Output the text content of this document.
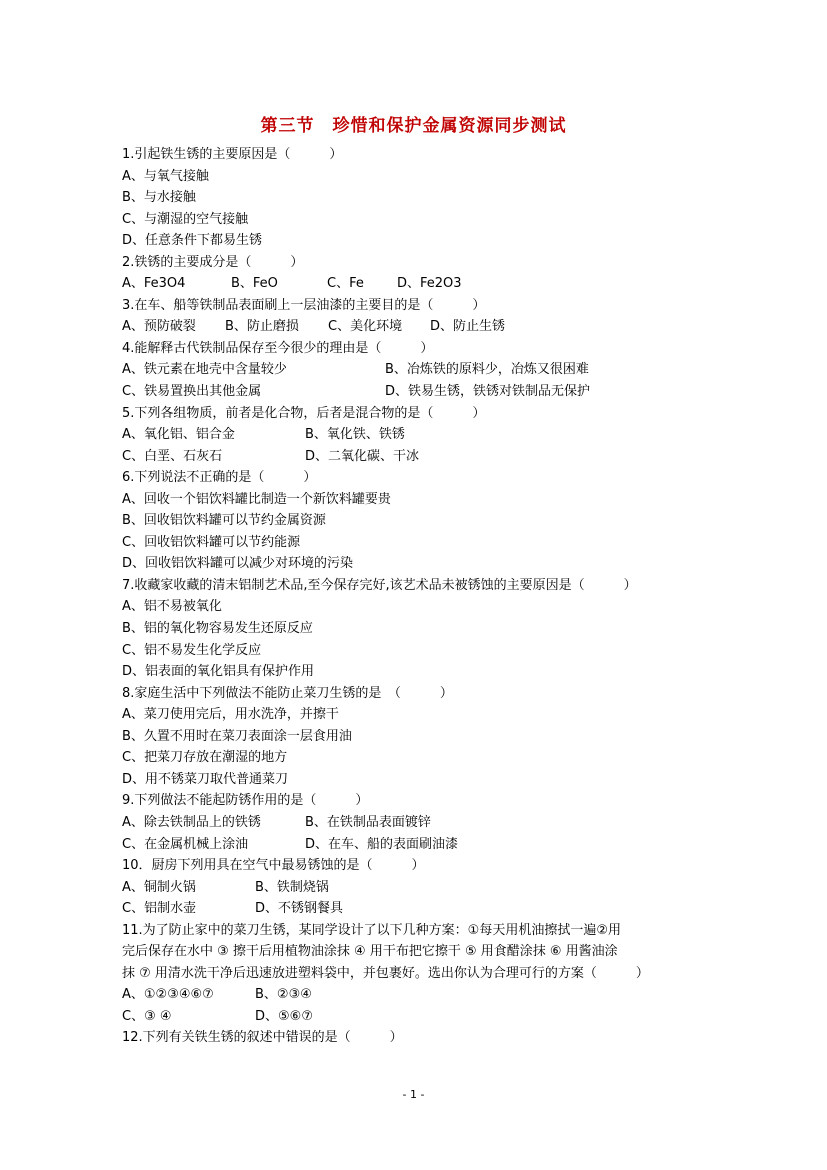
第三节　珍惜和保护金属资源同步测试
1.引起铁生锈的主要原因是（　　　）
A、与氧气接触
B、与水接触
C、与潮湿的空气接触
D、任意条件下都易生锈
2.铁锈的主要成分是（　　　）
A、Fe3O4	B、FeO	C、Fe	D、Fe2O3
3.在车、船等铁制品表面刷上一层油漆的主要目的是（　　　）
A、预防破裂 B、防止磨损 C、美化环境 D、防止生锈
4.能解释古代铁制品保存至今很少的理由是（　　　）
A、铁元素在地壳中含量较少	B、冶炼铁的原料少，冶炼又很困难
C、铁易置换出其他金属	D、铁易生锈，铁锈对铁制品无保护
5.下列各组物质，前者是化合物，后者是混合物的是（　　　）
A、氧化铝、铝合金	B、氧化铁、铁锈
C、白垩、石灰石	D、二氧化碳、干冰
6.下列说法不正确的是（　　　）
A、回收一个铝饮料罐比制造一个新饮料罐要贵
B、回收铝饮料罐可以节约金属资源
C、回收铝饮料罐可以节约能源
D、回收铝饮料罐可以减少对环境的污染
7.收藏家收藏的清末铝制艺术品,至今保存完好,该艺术品未被锈蚀的主要原因是（　　　）
A、铝不易被氧化
B、铝的氧化物容易发生还原反应
C、铝不易发生化学反应
D、铝表面的氧化铝具有保护作用
8.家庭生活中下列做法不能防止菜刀生锈的是　（　　　）
A、菜刀使用完后，用水洗净，并擦干
B、久置不用时在菜刀表面涂一层食用油
C、把菜刀存放在潮湿的地方
D、用不锈菜刀取代普通菜刀
9.下列做法不能起防锈作用的是（　　　）
A、除去铁制品上的铁锈	B、在铁制品表面镀锌
C、在金属机械上涂油	D、在车、船的表面刷油漆
10．厨房下列用具在空气中最易锈蚀的是（　　　）
A、铜制火锅	B、铁制烧锅
C、铝制水壶	D、不锈钢餐具
11.为了防止家中的菜刀生锈，某同学设计了以下几种方案：①每天用机油擦拭一遍②用
完后保存在水中 ③ 擦干后用植物油涂抹 ④ 用干布把它擦干 ⑤ 用食醋涂抹 ⑥ 用酱油涂
抹 ⑦ 用清水洗干净后迅速放进塑料袋中，并包裹好。选出你认为合理可行的方案（　　　）
A、①②③④⑥⑦	B、②③④
C、③ ④	D、⑤⑥⑦
12.下列有关铁生锈的叙述中错误的是（　　　）
- 1 -
